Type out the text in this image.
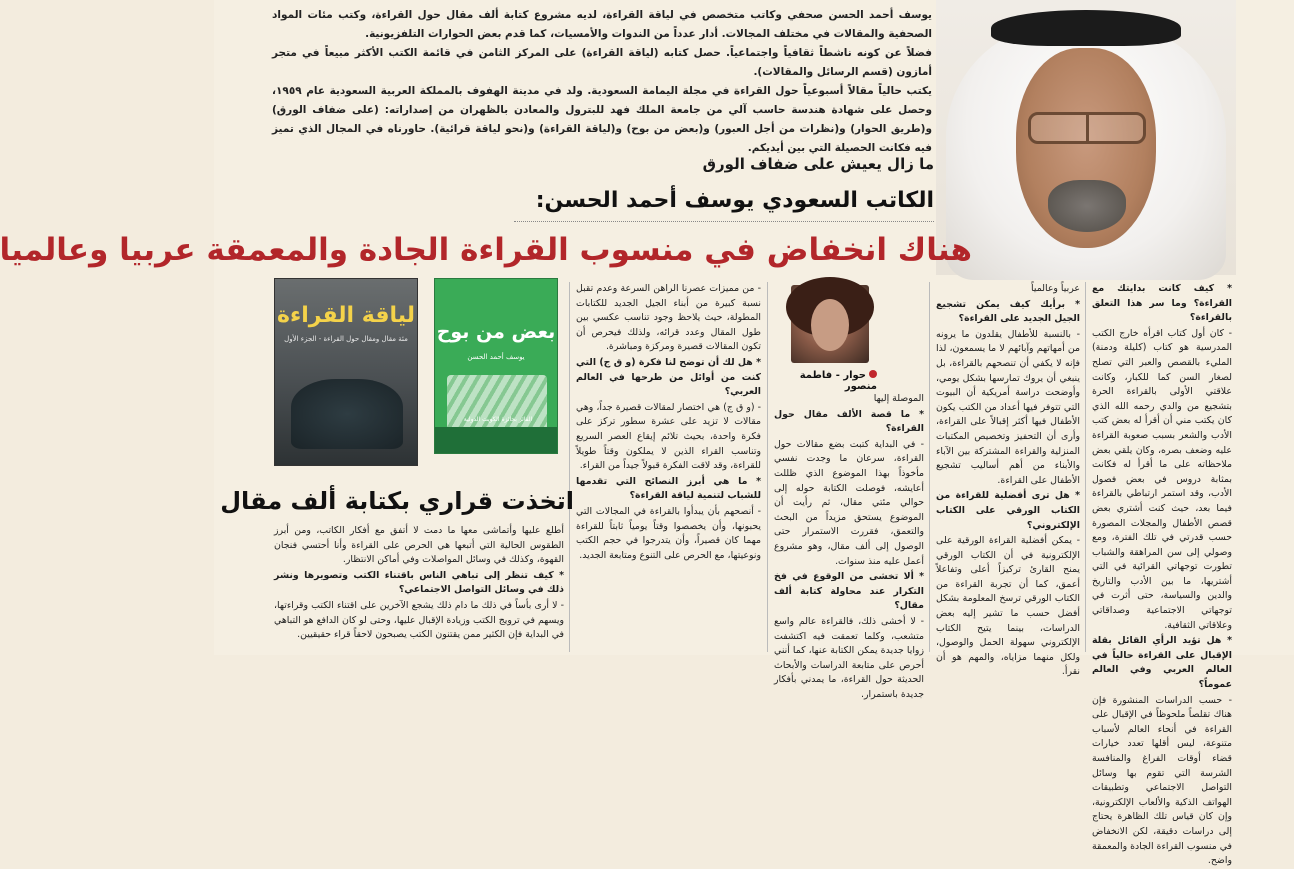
يوسف أحمد الحسن صحفي وكاتب متخصص في لياقة القراءة، لديه مشروع كتابة ألف مقال حول القراءة، وكتب مئات المواد الصحفية والمقالات في مختلف المجالات. أدار عدداً من الندوات والأمسيات، كما قدم بعض الحوارات التلفزيونية.

فضلاً عن كونه ناشطاً ثقافياً واجتماعياً. حصل كتابه (لياقة القراءة) على المركز الثامن في قائمة الكتب الأكثر مبيعاً في متجر أمازون (قسم الرسائل والمقالات).

يكتب حالياً مقالاً أسبوعياً حول القراءة في مجلة اليمامة السعودية. ولد في مدينة الهفوف بالمملكة العربية السعودية عام ١٩٥٩، وحصل على شهادة هندسة حاسب آلي من جامعة الملك فهد للبترول والمعادن بالظهران من إصداراته: (على ضفاف الورق) و(طريق الحوار) و(نظرات من أجل العبور) و(بعض من بوح) و(لياقة القراءة) و(نحو لياقة قرائية). حاورناه في المجال الذي تميز فيه فكانت الحصيلة التي بين أيديكم.

ما زال يعيش على ضفاف الورق
الكاتب السعودي يوسف أحمد الحسن:
هناك انخفاض في منسوب القراءة الجادة والمعمقة عربيا وعالميا

* كيف كانت بدايتك مع القراءة؟ وما سر هذا التعلق بالقراءة؟

- كان أول كتاب اقرأه خارج الكتب المدرسية هو كتاب (كليلة ودمنة) المليء بالقصص والعبر التي تصلح لصغار السن كما للكبار، وكانت علاقتي الأولى بالقراءة الحرة بتشجيع من والدي رحمه الله الذي كان يكتب مني أن أقرأ له بعض كتب الأدب والشعر بسبب صعوبة القراءة عليه وضعف بصره، وكان يلقي بعض ملاحظاته على ما أقرأ له فكانت بمثابة دروس في بعض فصول الأدب، وقد استمر ارتباطي بالقراءة فيما بعد، حيث كنت أشتري بعض قصص الأطفال والمجلات المصورة حسب قدرتي في تلك الفترة، ومع وصولي إلى سن المراهقة والشباب تطورت توجهاتي القرائية في التي أشتريها، ما بين الأدب والتاريخ والدين والسياسة، حتى أثرت في توجهاتي الاجتماعية وصداقاتي وعلاقاتي الثقافية.

* هل تؤيد الرأي القائل بقلة الإقبال على القراءة حالياً في العالم العربي وفي العالم عموماً؟

- حسب الدراسات المنشورة فإن هناك تقلصاً ملحوظاً في الإقبال على القراءة في أنحاء العالم لأسباب متنوعة، ليس أقلها تعدد خيارات قضاء أوقات الفراغ والمنافسة الشرسة التي تقوم بها وسائل التواصل الاجتماعي وتطبيقات الهواتف الذكية والألعاب الإلكترونية، وإن كان قياس تلك الظاهرة يحتاج إلى دراسات دقيقة، لكن الانخفاض في منسوب القراءة الجادة والمعمقة واضح.

عربياً وعالمياً

* برأيك كيف يمكن تشجيع الجيل الجديد على القراءة؟

- بالنسبة للأطفال يقلدون ما يرونه من أمهاتهم وآبائهم لا ما يسمعون، لذا فإنه لا يكفي أن تنصحهم بالقراءة، بل ينبغي أن يروك تمارسها بشكل يومي، وأوضحت دراسة أمريكية أن البيوت التي تتوفر فيها أعداد من الكتب يكون الأطفال فيها أكثر إقبالاً على القراءة، وأرى أن التحفيز وتخصيص المكتبات المنزلية والقراءة المشتركة بين الآباء والأبناء من أهم أساليب تشجيع الأطفال على القراءة.

* هل ترى أفضلية للقراءة من الكتاب الورقي على الكتاب الإلكتروني؟

- يمكن أفضلية القراءة الورقية على الإلكترونية في أن الكتاب الورقي يمنح القارئ تركيزاً أعلى وتفاعلاً أعمق، كما أن تجربة القراءة من الكتاب الورقي ترسخ المعلومة بشكل أفضل حسب ما تشير إليه بعض الدراسات، بينما يتيح الكتاب الإلكتروني سهولة الحمل والوصول، ولكل منهما مزاياه، والمهم هو أن نقرأ.

حوار - فاطمة منصور

الموصلة إليها

* ما قصة الألف مقال حول القراءة؟

- في البداية كتبت بضع مقالات حول القراءة، سرعان ما وجدت نفسي مأخوذاً بهذا الموضوع الذي ظللت أعايشه، فوصلت الكتابة حوله إلى حوالي مئتي مقال، ثم رأيت أن الموضوع يستحق مزيداً من البحث والتعمق، فقررت الاستمرار حتى الوصول إلى ألف مقال، وهو مشروع أعمل عليه منذ سنوات.

* ألا تخشى من الوقوع في فخ التكرار عند محاولة كتابة ألف مقال؟

- لا أخشى ذلك، فالقراءة عالم واسع متشعب، وكلما تعمقت فيه اكتشفت زوايا جديدة يمكن الكتابة عنها، كما أنني أحرص على متابعة الدراسات والأبحاث الحديثة حول القراءة، ما يمدني بأفكار جديدة باستمرار.

- من مميزات عصرنا الراهن السرعة وعدم تقبل نسبة كبيرة من أبناء الجيل الجديد للكتابات المطولة، حيث يلاحظ وجود تناسب عكسي بين طول المقال وعدد قرائه، ولذلك فيحرص أن تكون المقالات قصيرة ومركزة ومباشرة.

* هل لك أن توضح لنا فكرة (و ق ج) التي كنت من أوائل من طرحها في العالم العربي؟

- (و ق ج) هي اختصار لمقالات قصيرة جداً، وهي مقالات لا تزيد على عشرة سطور تركز على فكرة واحدة، بحيث تلائم إيقاع العصر السريع وتناسب القراء الذين لا يملكون وقتاً طويلاً للقراءة، وقد لاقت الفكرة قبولاً جيداً من القراء.

* ما هي أبرز النصائح التي تقدمها للشباب لتنمية لياقة القراءة؟

- أنصحهم بأن يبدأوا بالقراءة في المجالات التي يحبونها، وأن يخصصوا وقتاً يومياً ثابتاً للقراءة مهما كان قصيراً، وأن يتدرجوا في حجم الكتب ونوعيتها، مع الحرص على التنوع ومتابعة الجديد.

لياقة القراءة
مئة مقال ومقال حول القراءة - الجزء الأول	بعض من بوح
يوسف أحمد الحسن
الفائز بجائزة الكويت الدولية
اتخذت قراري بكتابة ألف مقال

أطلع عليها وأتماشى معها ما دمت لا أتفق مع أفكار الكاتب، ومن أبرز الطقوس الحالية التي أتبعها هي الحرص على القراءة وأنا أحتسي فنجان القهوة، وكذلك في وسائل المواصلات وفي أماكن الانتظار.

* كيف تنظر إلى تباهي الناس باقتناء الكتب وتصويرها ونشر ذلك في وسائل التواصل الاجتماعي؟

- لا أرى بأساً في ذلك ما دام ذلك يشجع الآخرين على اقتناء الكتب وقراءتها، ويسهم في ترويج الكتب وزيادة الإقبال عليها، وحتى لو كان الدافع هو التباهي في البداية فإن الكثير ممن يقتنون الكتب يصبحون لاحقاً قراء حقيقيين.
